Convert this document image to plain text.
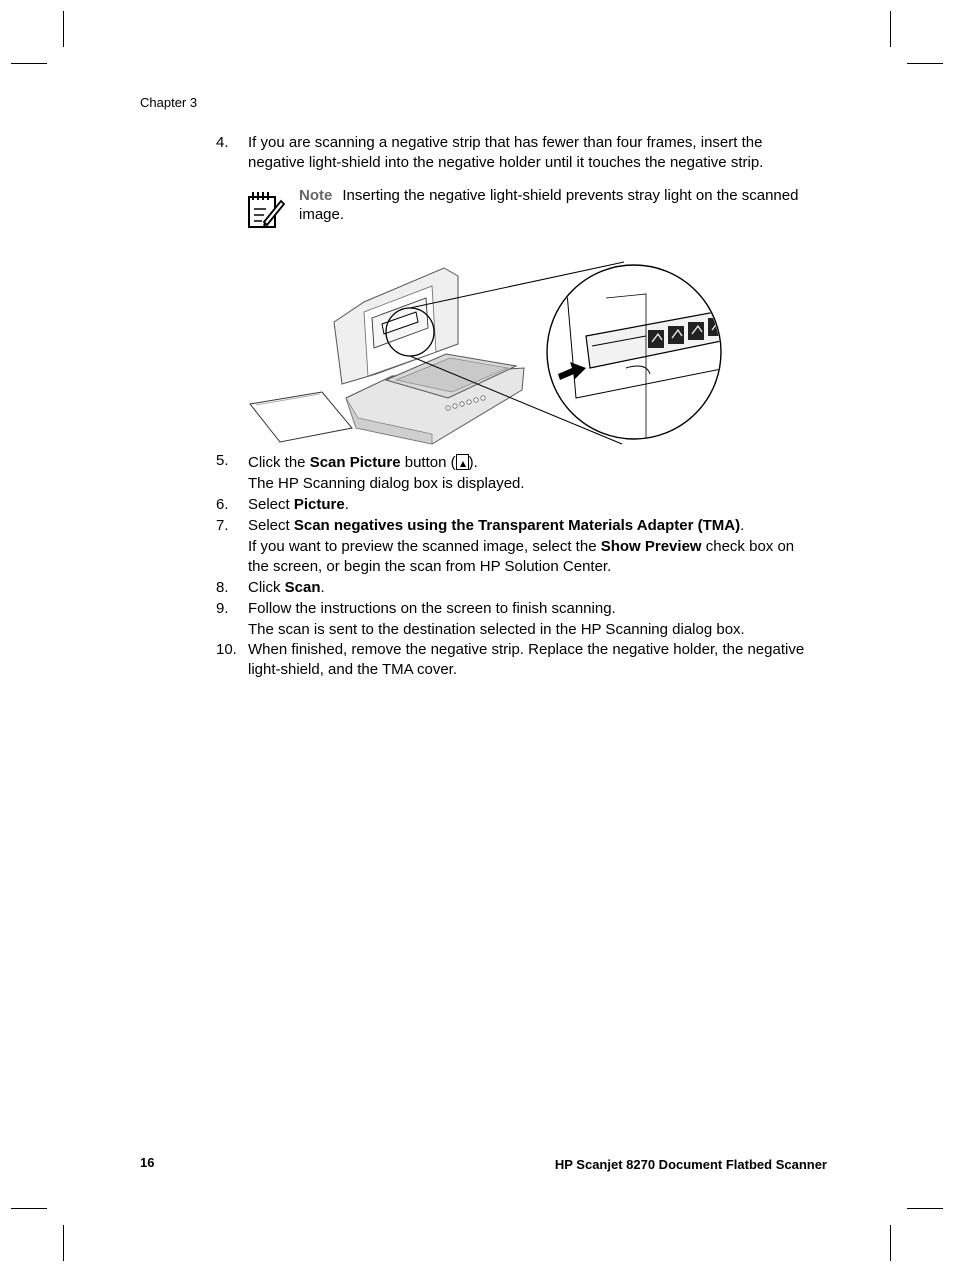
Chapter 3
4. If you are scanning a negative strip that has fewer than four frames, insert the negative light-shield into the negative holder until it touches the negative strip.
Note Inserting the negative light-shield prevents stray light on the scanned image.
5. Click the Scan Picture button ( ).
The HP Scanning dialog box is displayed.
6. Select Picture.
7. Select Scan negatives using the Transparent Materials Adapter (TMA).
If you want to preview the scanned image, select the Show Preview check box on the screen, or begin the scan from HP Solution Center.
8. Click Scan.
9. Follow the instructions on the screen to finish scanning.
The scan is sent to the destination selected in the HP Scanning dialog box.
10. When finished, remove the negative strip. Replace the negative holder, the negative light-shield, and the TMA cover.
16	HP Scanjet 8270 Document Flatbed Scanner
